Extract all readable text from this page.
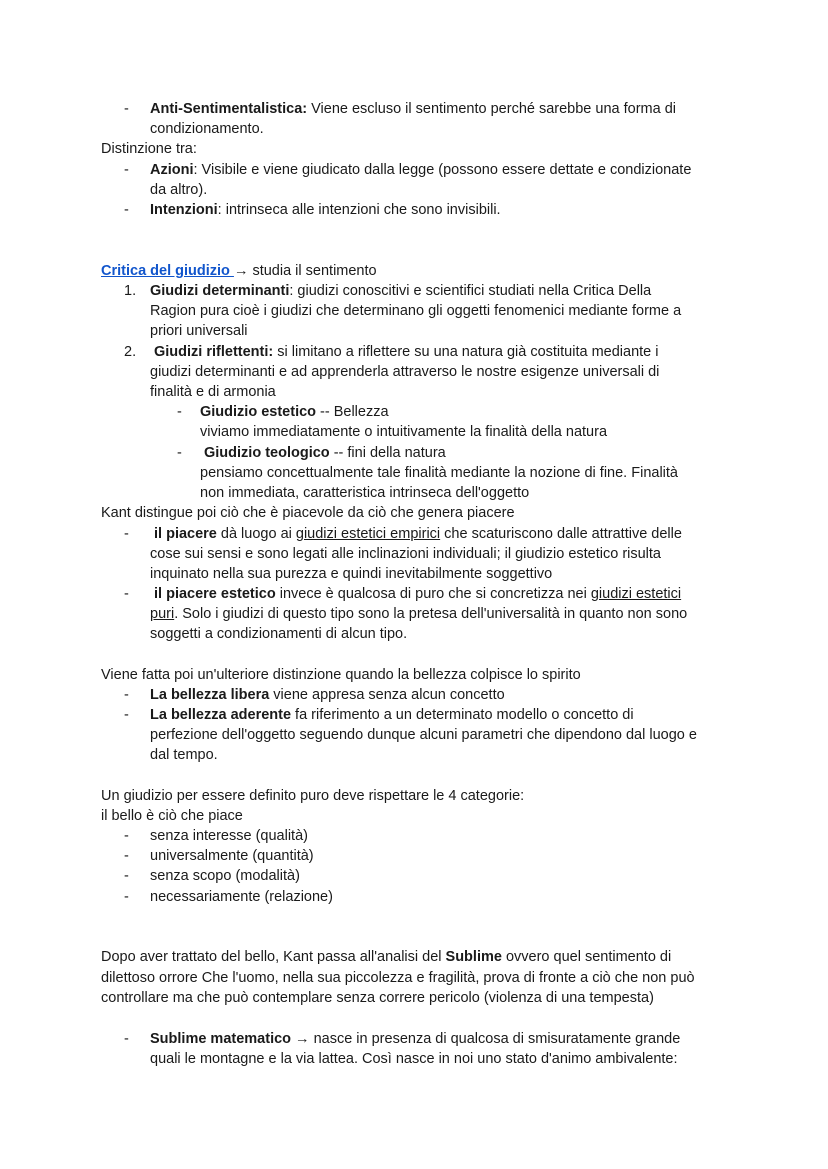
- Anti-Sentimentalistica: Viene escluso il sentimento perché sarebbe una forma di
condizionamento.
Distinzione tra:
- Azioni: Visibile e viene giudicato dalla legge (possono essere dettate e condizionate
da altro).
- Intenzioni: intrinseca alle intenzioni che sono invisibili.
Critica del giudizio → studia il sentimento
1. Giudizi determinanti: giudizi conoscitivi e scientifici studiati nella Critica Della
Ragion pura cioè i giudizi che determinano gli oggetti fenomenici mediante forme a
priori universali
2. Giudizi riflettenti: si limitano a riflettere su una natura già costituita mediante i
giudizi determinanti e ad apprenderla attraverso le nostre esigenze universali di
finalità e di armonia
- Giudizio estetico -- Bellezza
viviamo immediatamente o intuitivamente la finalità della natura
- Giudizio teologico -- fini della natura
pensiamo concettualmente tale finalità mediante la nozione di fine. Finalità
non immediata, caratteristica intrinseca dell'oggetto
Kant distingue poi ciò che è piacevole da ciò che genera piacere
- il piacere dà luogo ai giudizi estetici empirici che scaturiscono dalle attrattive delle
cose sui sensi e sono legati alle inclinazioni individuali; il giudizio estetico risulta
inquinato nella sua purezza e quindi inevitabilmente soggettivo
- il piacere estetico invece è qualcosa di puro che si concretizza nei giudizi estetici
puri. Solo i giudizi di questo tipo sono la pretesa dell'universalità in quanto non sono
soggetti a condizionamenti di alcun tipo.
Viene fatta poi un'ulteriore distinzione quando la bellezza colpisce lo spirito
- La bellezza libera viene appresa senza alcun concetto
- La bellezza aderente fa riferimento a un determinato modello o concetto di
perfezione dell'oggetto seguendo dunque alcuni parametri che dipendono dal luogo e
dal tempo.
Un giudizio per essere definito puro deve rispettare le 4 categorie:
il bello è ciò che piace
- senza interesse (qualità)
- universalmente (quantità)
- senza scopo (modalità)
- necessariamente (relazione)
Dopo aver trattato del bello, Kant passa all'analisi del Sublime ovvero quel sentimento di
dilettoso orrore Che l'uomo, nella sua piccolezza e fragilità, prova di fronte a ciò che non può
controllare ma che può contemplare senza correre pericolo (violenza di una tempesta)
- Sublime matematico → nasce in presenza di qualcosa di smisuratamente grande
quali le montagne e la via lattea. Così nasce in noi uno stato d'animo ambivalente:
